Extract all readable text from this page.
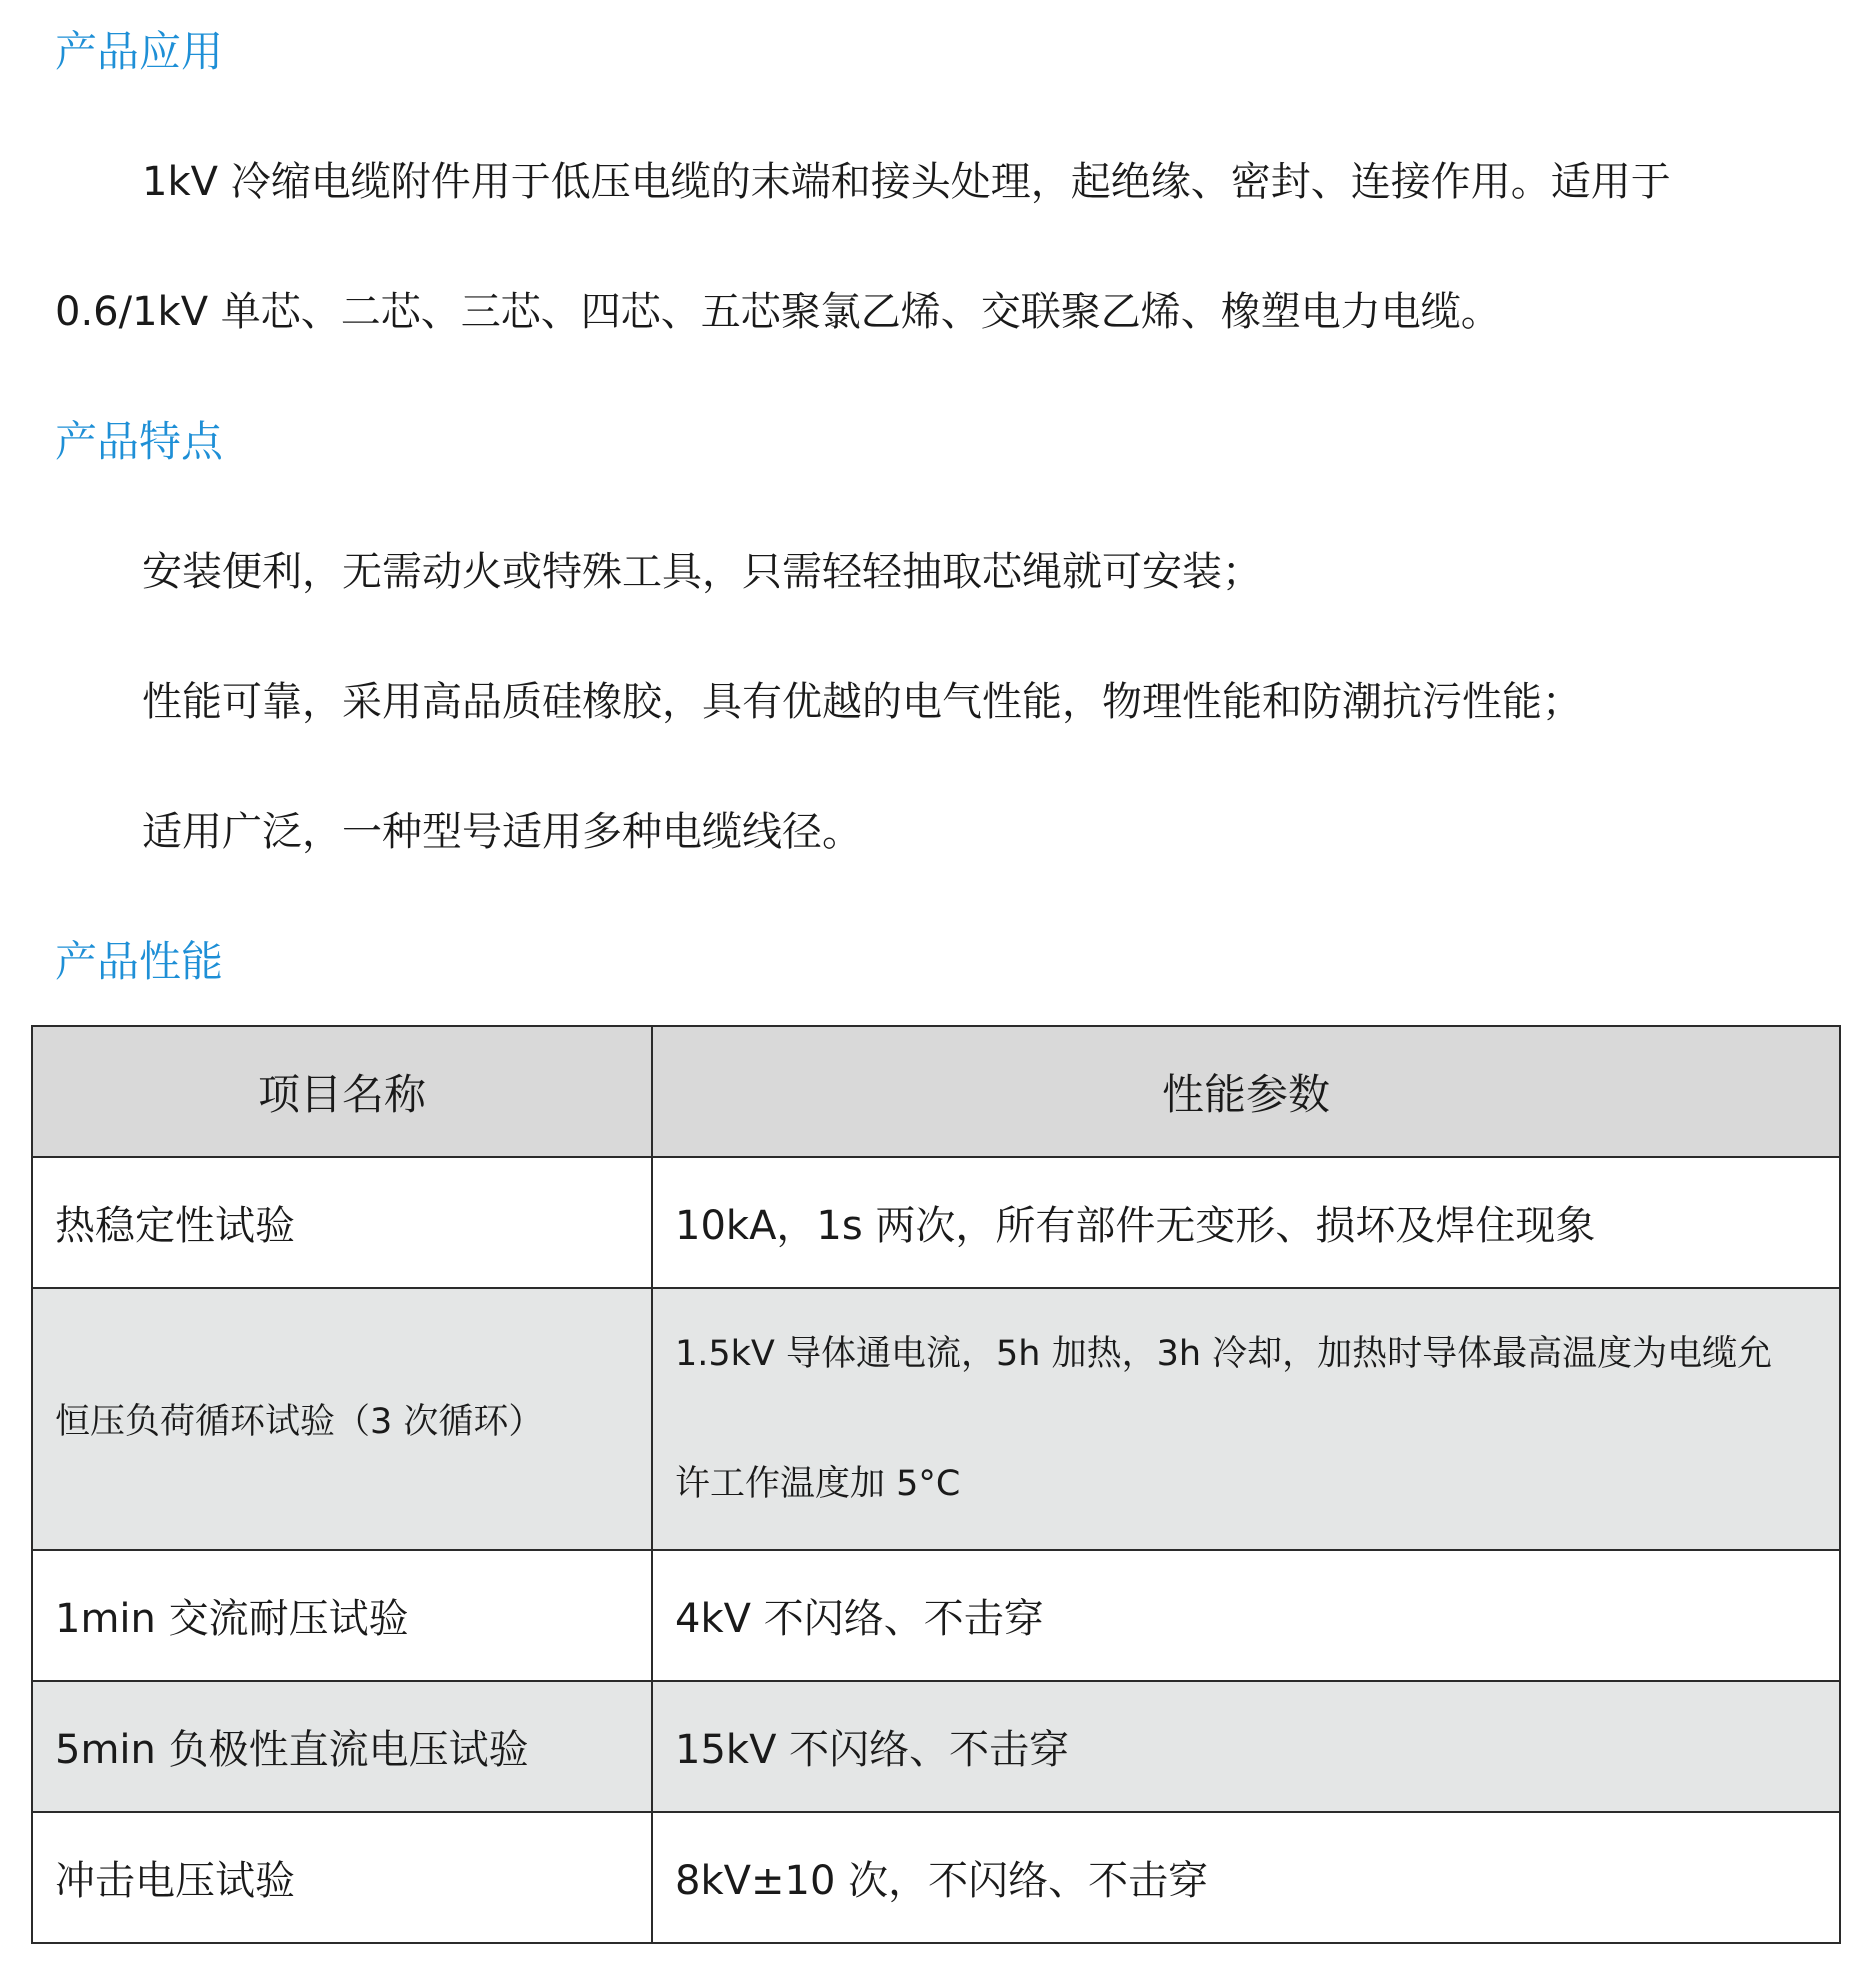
产品应用

1kV 冷缩电缆附件用于低压电缆的末端和接头处理，起绝缘、密封、连接作用。适用于

0.6/1kV 单芯、二芯、三芯、四芯、五芯聚氯乙烯、交联聚乙烯、橡塑电力电缆。

产品特点

安装便利，无需动火或特殊工具，只需轻轻抽取芯绳就可安装；

性能可靠，采用高品质硅橡胶，具有优越的电气性能，物理性能和防潮抗污性能；

适用广泛，一种型号适用多种电缆线径。

产品性能
项目名称	性能参数
热稳定性试验	10kA，1s 两次，所有部件无变形、损坏及焊住现象
恒压负荷循环试验（3 次循环）	1.5kV 导体通电流，5h 加热，3h 冷却，加热时导体最高温度为电缆允
许工作温度加 5°C

1min 交流耐压试验	4kV 不闪络、不击穿
5min 负极性直流电压试验	15kV 不闪络、不击穿
冲击电压试验	8kV±10 次，不闪络、不击穿
